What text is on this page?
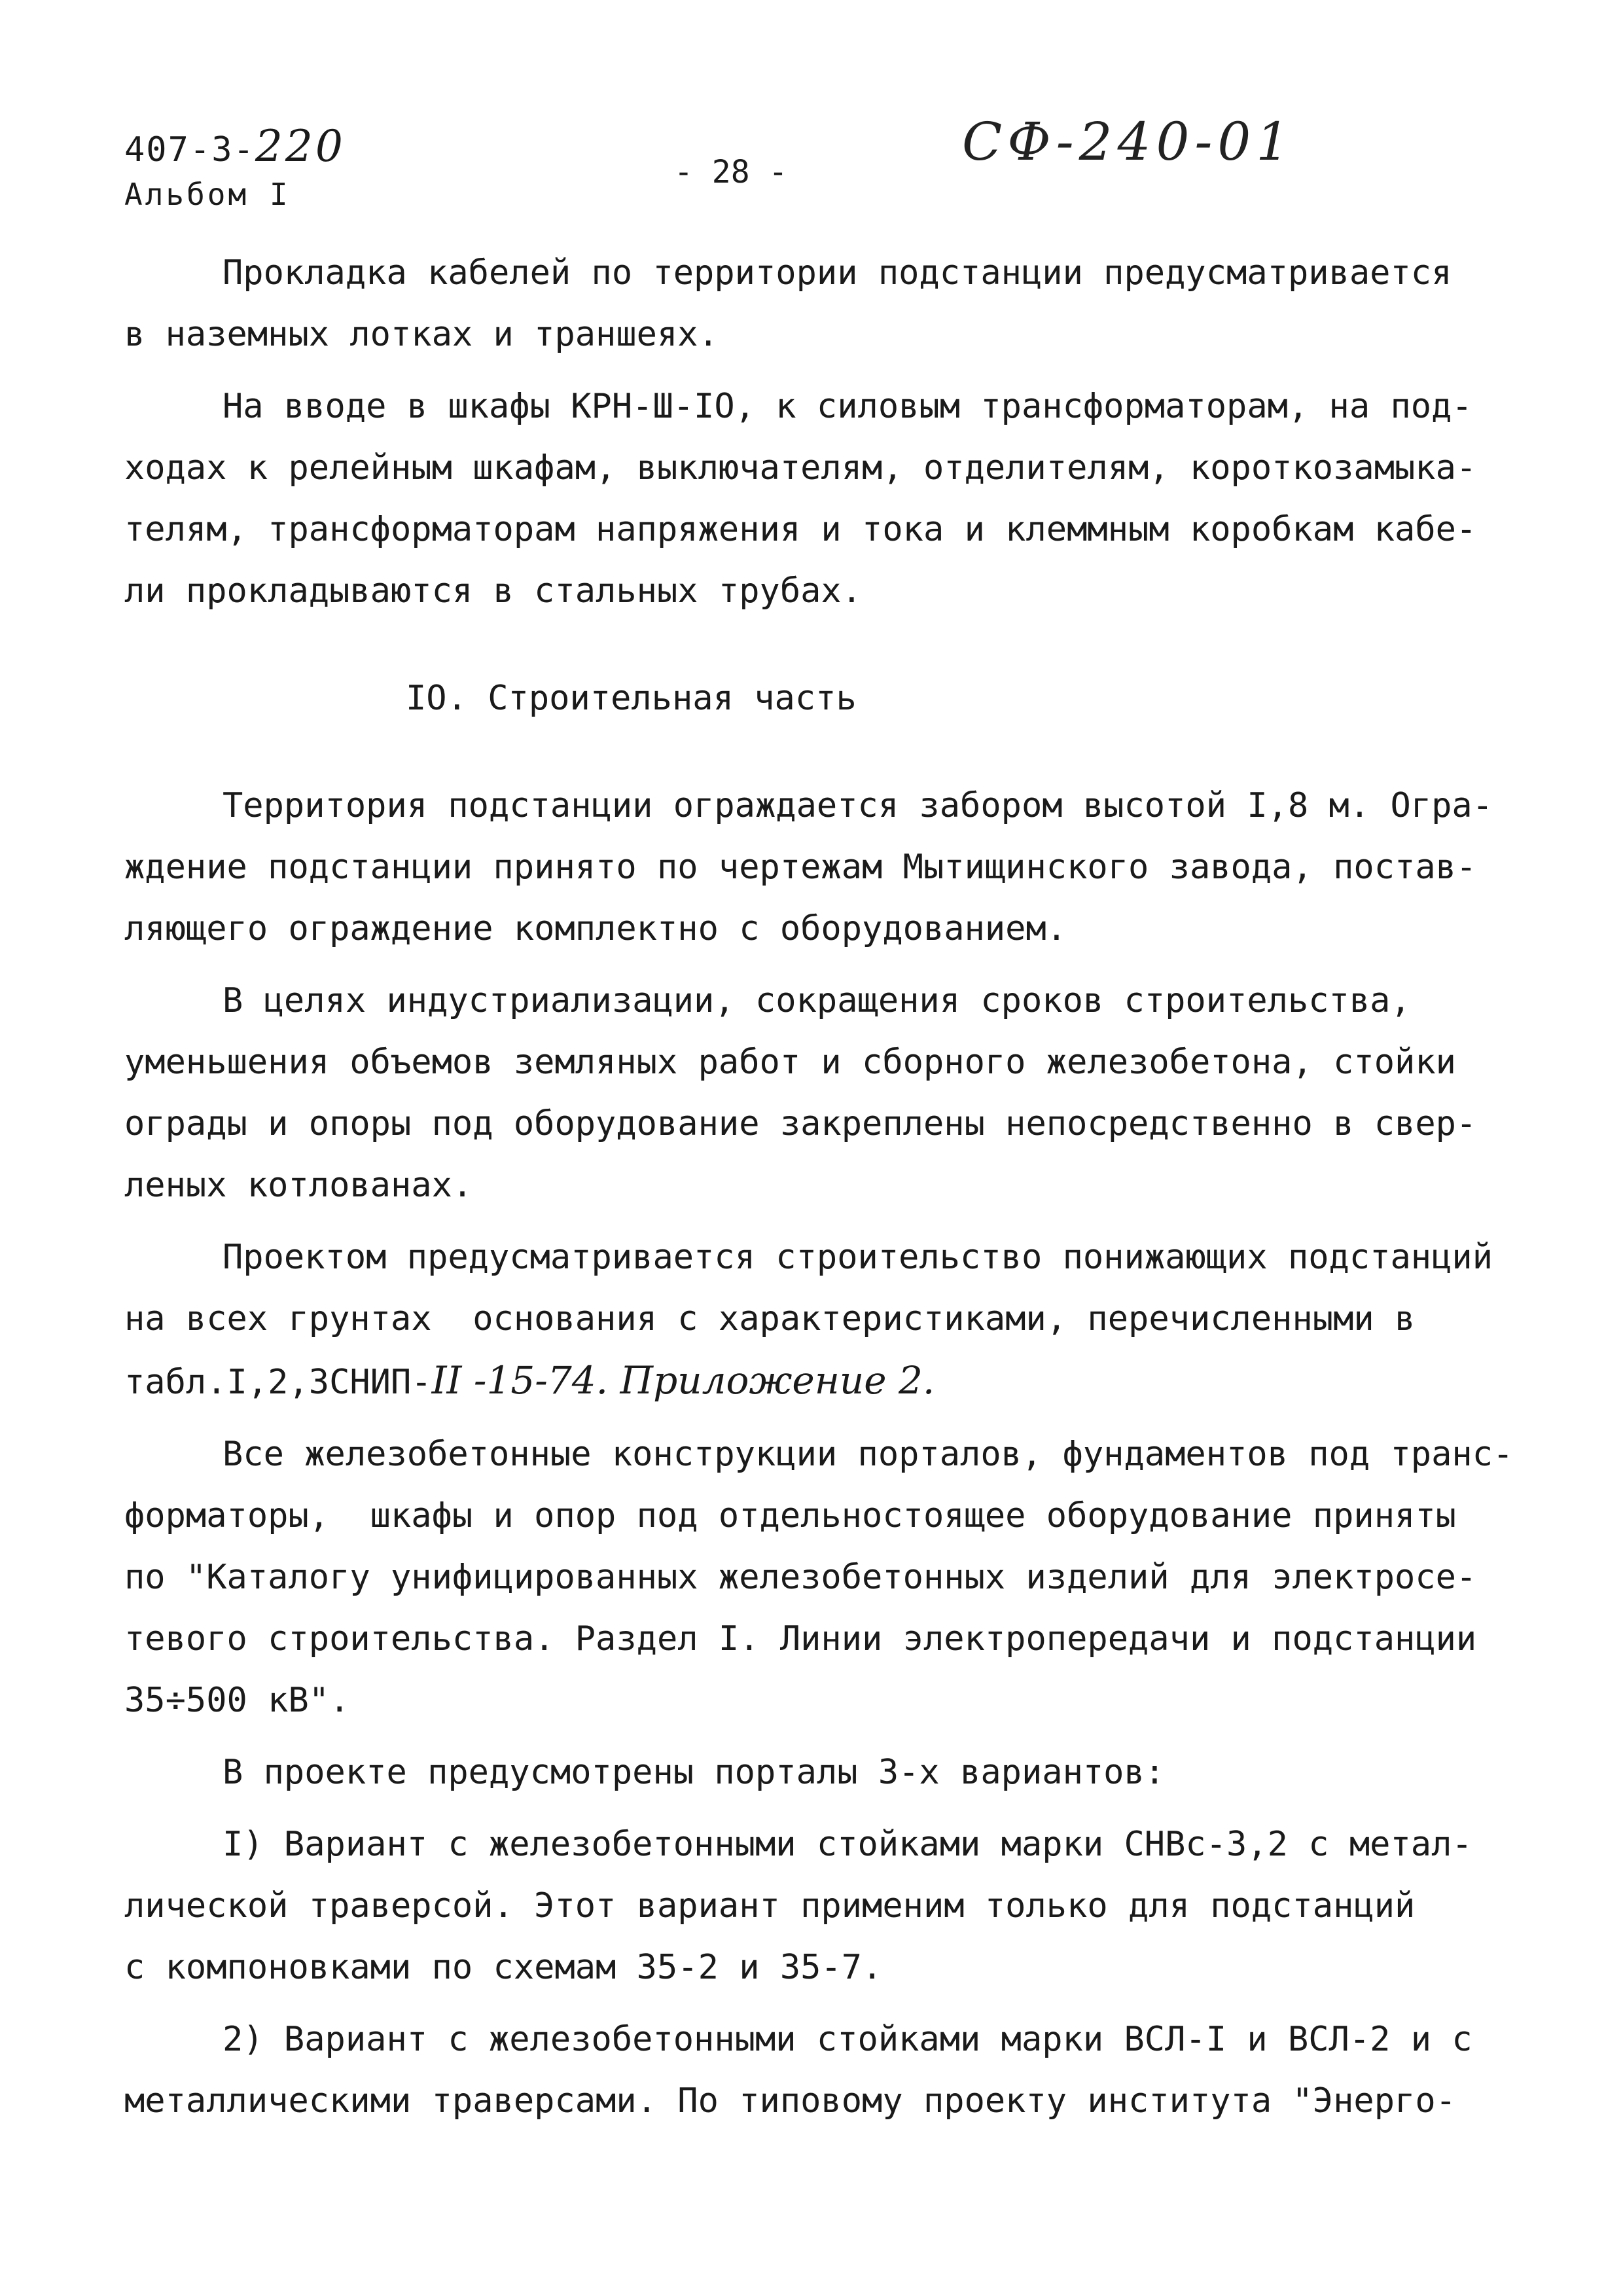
407-3-220
Альбом I
- 28 -	СФ-240-01
Прокладка кабелей по территории подстанции предусматривается
в наземных лотках и траншеях.
На вводе в шкафы КРН-Ш-IO, к силовым трансформаторам, на под-
ходах к релейным шкафам, выключателям, отделителям, короткозамыка-
телям, трансформаторам напряжения и тока и клеммным коробкам кабе-
ли прокладываются в стальных трубах.
IO. Строительная часть
Территория подстанции ограждается забором высотой I,8 м. Огра-
ждение подстанции принято по чертежам Мытищинского завода, постав-
ляющего ограждение комплектно с оборудованием.
В целях индустриализации, сокращения сроков строительства,
уменьшения объемов земляных работ и сборного железобетона, стойки
ограды и опоры под оборудование закреплены непосредственно в свер-
леных котлованах.
Проектом предусматривается строительство понижающих подстанций
на всех грунтах  основания с характеристиками, перечисленными в
табл.I,2,3СНИП-II -15-74. Приложение 2.
Все железобетонные конструкции порталов, фундаментов под транс-
форматоры,  шкафы и опор под отдельностоящее оборудование приняты
по "Каталогу унифицированных железобетонных изделий для электросе-
тевого строительства. Раздел I. Линии электропередачи и подстанции
35÷500 кВ".
В проекте предусмотрены порталы 3-х вариантов:
I) Вариант с железобетонными стойками марки СНВс-3,2 с метал-
лической траверсой. Этот вариант применим только для подстанций
с компоновками по схемам 35-2 и 35-7.
2) Вариант с железобетонными стойками марки ВСЛ-I и ВСЛ-2 и с
металлическими траверсами. По типовому проекту института "Энерго-
